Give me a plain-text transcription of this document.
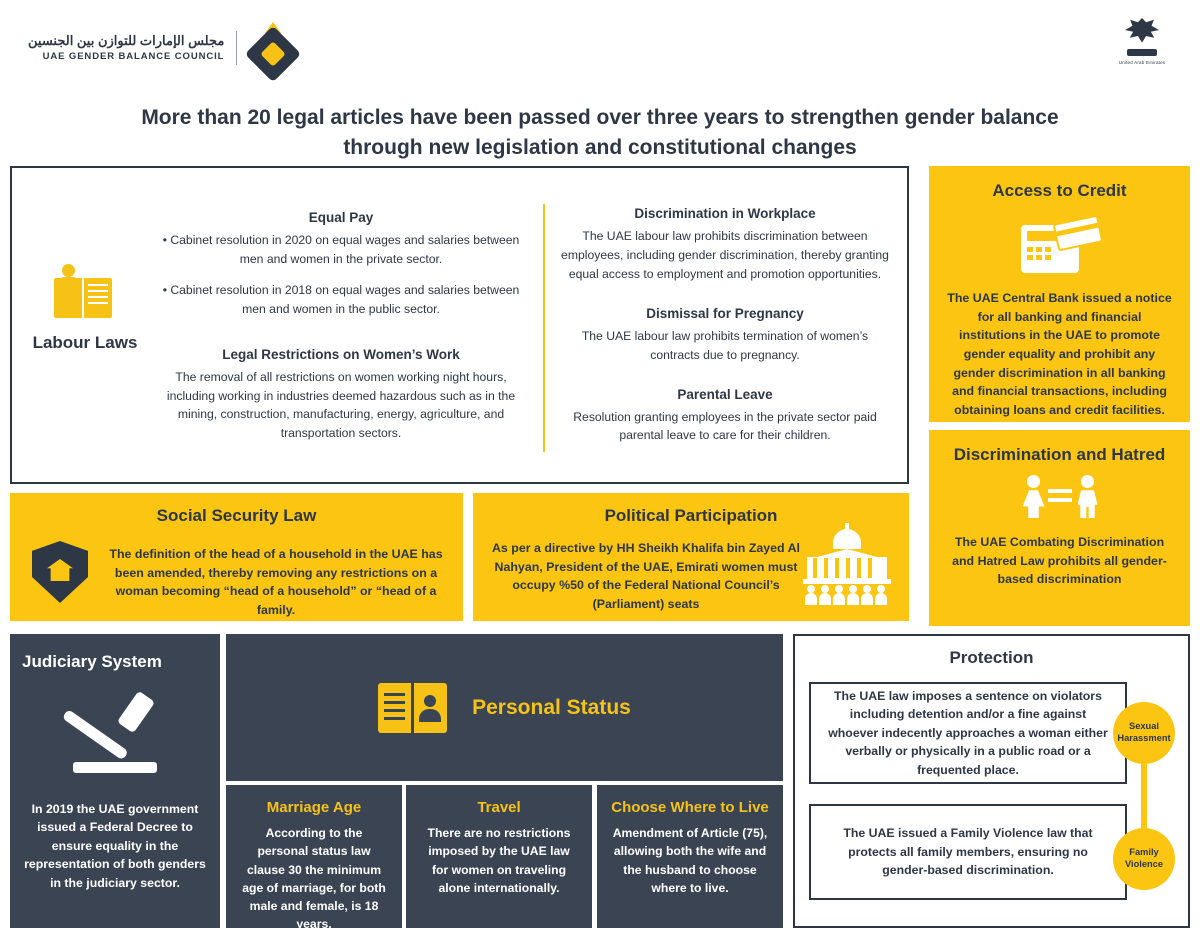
مجلس الإمارات للتوازن بين الجنسين
UAE GENDER BALANCE COUNCIL
United Arab Emirates
More than 20 legal articles have been passed over three years to strengthen gender balance through new legislation and constitutional changes
Labour Laws
Equal Pay
• Cabinet resolution in 2020 on equal wages and salaries between men and women in the private sector.
• Cabinet resolution in 2018 on equal wages and salaries between men and women in the public sector.
Legal Restrictions on Women’s Work
The removal of all restrictions on women working night hours, including working in industries deemed hazardous such as in the mining, construction, manufacturing, energy, agriculture, and transportation sectors.
Discrimination in Workplace
The UAE labour law prohibits discrimination between employees, including gender discrimination, thereby granting equal access to employment and promotion opportunities.
Dismissal for Pregnancy
The UAE labour law prohibits termination of women’s contracts due to pregnancy.
Parental Leave
Resolution granting employees in the private sector paid parental leave to care for their children.
Access to Credit
The UAE Central Bank issued a notice for all banking and financial institutions in the UAE to promote gender equality and prohibit any gender discrimination in all banking and financial transactions, including obtaining loans and credit facilities.
Discrimination and Hatred
The UAE Combating Discrimination and Hatred Law prohibits all gender-based discrimination
Social Security Law
The definition of the head of a household in the UAE has been amended, thereby removing any restrictions on a woman becoming “head of a household” or “head of a family.
Political Participation
As per a directive by HH Sheikh Khalifa bin Zayed Al Nahyan, President of the UAE, Emirati women must occupy %50 of the Federal National Council’s (Parliament) seats
Judiciary System

In 2019 the UAE government issued a Federal Decree to ensure equality in the representation of both genders in the judiciary sector.

Personal Status
Marriage Age

According to the personal status law clause 30 the minimum age of marriage, for both male and female, is 18 years.

Travel

There are no restrictions imposed by the UAE law for women on traveling alone internationally.

Choose Where to Live

Amendment of Article (75), allowing both the wife and the husband to choose where to live.

Protection
The UAE law imposes a sentence on violators including detention and/or a fine against whoever indecently approaches a woman either verbally or physically in a public road or a frequented place.
The UAE issued a Family Violence law that protects all family members, ensuring no gender-based discrimination.
Sexual Harassment
Family Violence
